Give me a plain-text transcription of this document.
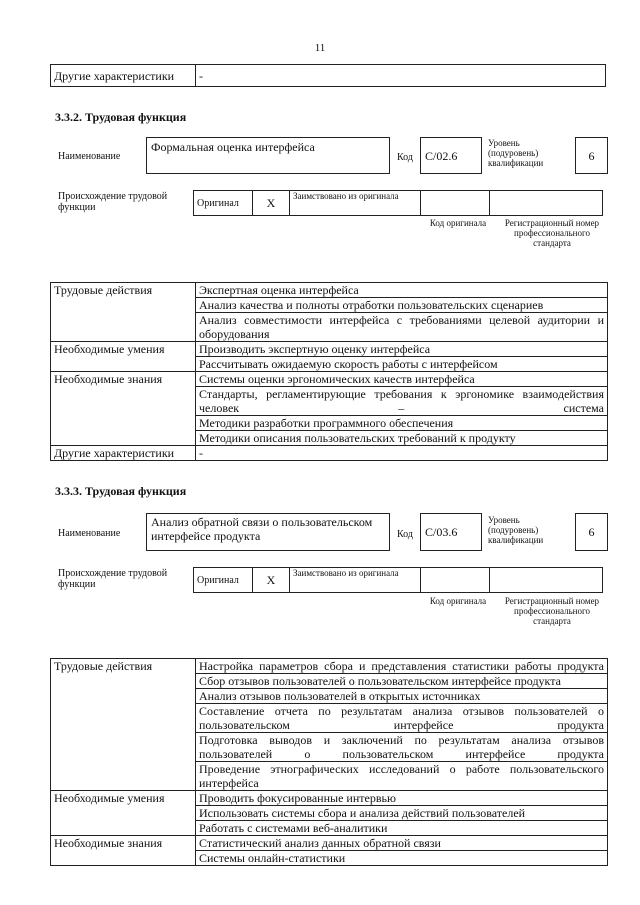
11
Другие характеристики	-
3.3.2. Трудовая функция
Наименование
Формальная оценка интерфейса
Код	С/02.6
Уровень (подуровень) квалификации	6
Происхождение трудовой функции	Оригинал	X	Заимствовано из оригинала		
Код оригинала	Регистрационный номер профессионального стандарта
Трудовые действия	Экспертная оценка интерфейса
	Анализ качества и полноты отработки пользовательских сценариев
	Анализ совместимости интерфейса с требованиями целевой аудитории и оборудования
Необходимые умения	Производить экспертную оценку интерфейса
	Рассчитывать ожидаемую скорость работы с интерфейсом
Необходимые знания	Системы оценки эргономических качеств интерфейса
	Стандарты, регламентирующие требования к эргономике взаимодействия человек – система
	Методики разработки программного обеспечения
	Методики описания пользовательских требований к продукту
Другие характеристики	-
3.3.3. Трудовая функция
Наименование
Анализ обратной связи о пользовательском интерфейсе продукта	Код	С/03.6
Уровень (подуровень) квалификации
6
Происхождение трудовой функции	Оригинал	X	Заимствовано из оригинала		
Код оригинала	Регистрационный номер профессионального стандарта
Трудовые действия	Настройка параметров сбора и представления статистики работы продукта
	Сбор отзывов пользователей о пользовательском интерфейсе продукта
	Анализ отзывов пользователей в открытых источниках
	Составление отчета по результатам анализа отзывов пользователей о пользовательском интерфейсе продукта
	Подготовка выводов и заключений по результатам анализа отзывов пользователей о пользовательском интерфейсе продукта
	Проведение этнографических исследований о работе пользовательского интерфейса
Необходимые умения	Проводить фокусированные интервью
	Использовать системы сбора и анализа действий пользователей
	Работать с системами веб-аналитики
Необходимые знания	Статистический анализ данных обратной связи
	Системы онлайн-статистики
